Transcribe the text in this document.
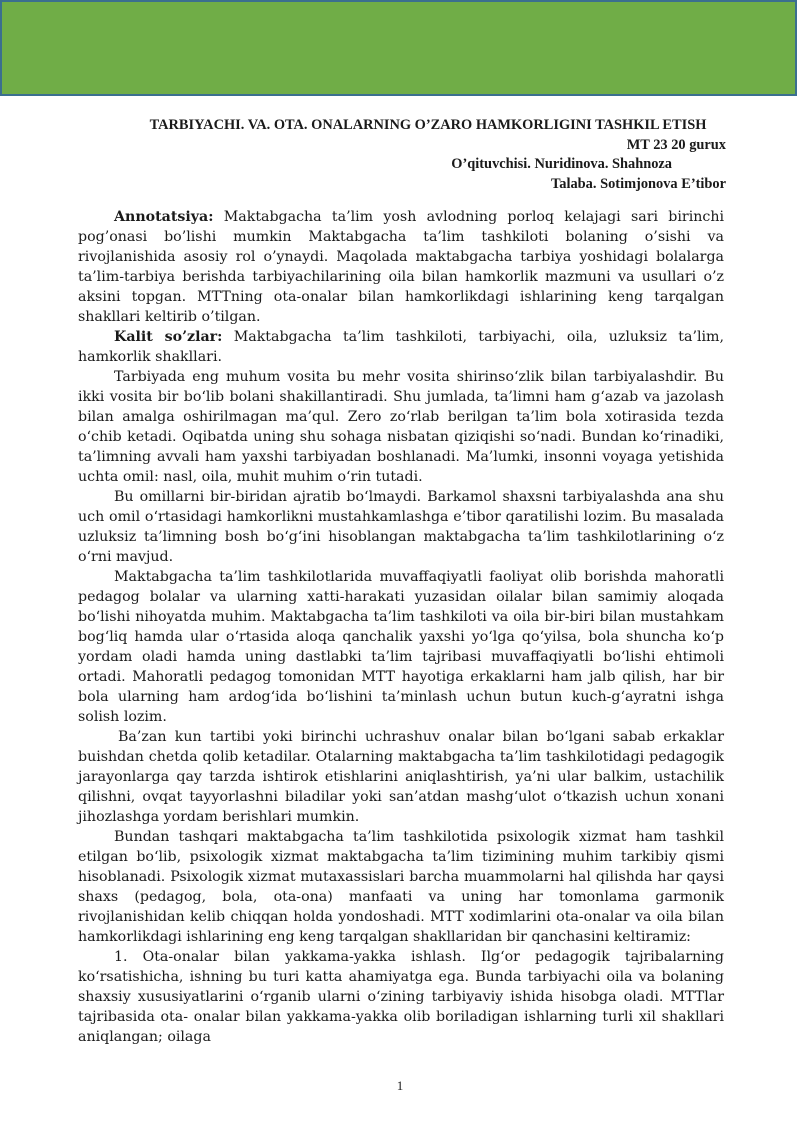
TARBIYACHI. VA. OTA. ONALARNING O’ZARO HAMKORLIGINI TASHKIL ETISH
MT 23 20 gurux
O’qituvchisi. Nuridinova. Shahnoza
Talaba. Sotimjonova E’tibor

Annotatsiya: Maktabgacha ta’lim yosh avlodning porloq kelajagi sari birinchi pog’onasi bo’lishi mumkin Maktabgacha ta’lim tashkiloti bolaning o’sishi va rivojlanishida asosiy rol o’ynaydi. Maqolada maktabgacha tarbiya yoshidagi bolalarga ta’lim-tarbiya berishda tarbiyachilarining oila bilan hamkorlik mazmuni va usullari o’z aksini topgan. MTTning ota-onalar bilan hamkorlikdagi ishlarining keng tarqalgan shakllari keltirib o’tilgan.

Kalit so’zlar: Maktabgacha ta’lim tashkiloti, tarbiyachi, oila, uzluksiz ta’lim, hamkorlik shakllari.

Tarbiyada eng muhum vosita bu mehr vosita shirinso‘zlik bilan tarbiyalashdir. Bu ikki vosita bir bo‘lib bolani shakillantiradi. Shu jumlada, ta’limni ham g‘azab va jazolash bilan amalga oshirilmagan ma’qul. Zero zo‘rlab berilgan ta’lim bola xotirasida tezda o‘chib ketadi. Oqibatda uning shu sohaga nisbatan qiziqishi so‘nadi. Bundan ko‘rinadiki, ta’limning avvali ham yaxshi tarbiyadan boshlanadi. Ma’lumki, insonni voyaga yetishida uchta omil: nasl, oila, muhit muhim o‘rin tutadi.

Bu omillarni bir-biridan ajratib bo‘lmaydi. Barkamol shaxsni tarbiyalashda ana shu uch omil o‘rtasidagi hamkorlikni mustahkamlashga e’tibor qaratilishi lozim. Bu masalada uzluksiz ta’limning bosh bo‘g‘ini hisoblangan maktabgacha ta’lim tashkilotlarining o‘z o‘rni mavjud.

Maktabgacha ta’lim tashkilotlarida muvaffaqiyatli faoliyat olib borishda mahoratli pedagog bolalar va ularning xatti-harakati yuzasidan oilalar bilan samimiy aloqada bo‘lishi nihoyatda muhim. Maktabgacha ta’lim tashkiloti va oila bir-biri bilan mustahkam bog‘liq hamda ular o‘rtasida aloqa qanchalik yaxshi yo‘lga qo‘yilsa, bola shuncha ko‘p yordam oladi hamda uning dastlabki ta’lim tajribasi muvaffaqiyatli bo‘lishi ehtimoli ortadi. Mahoratli pedagog tomonidan MTT hayotiga erkaklarni ham jalb qilish, har bir bola ularning ham ardog‘ida bo‘lishini ta’minlash uchun butun kuch-g‘ayratni ishga solish lozim.

Ba’zan kun tartibi yoki birinchi uchrashuv onalar bilan bo‘lgani sabab erkaklar buishdan chetda qolib ketadilar. Otalarning maktabgacha ta’lim tashkilotidagi pedagogik jarayonlarga qay tarzda ishtirok etishlarini aniqlashtirish, ya’ni ular balkim, ustachilik qilishni, ovqat tayyorlashni biladilar yoki san’atdan mashg‘ulot o‘tkazish uchun xonani jihozlashga yordam berishlari mumkin.

Bundan tashqari maktabgacha ta’lim tashkilotida psixologik xizmat ham tashkil etilgan bo‘lib, psixologik xizmat maktabgacha ta’lim tizimining muhim tarkibiy qismi hisoblanadi. Psixologik xizmat mutaxassislari barcha muammolarni hal qilishda har qaysi shaxs (pedagog, bola, ota-ona) manfaati va uning har tomonlama garmonik rivojlanishidan kelib chiqqan holda yondoshadi. MTT xodimlarini ota-onalar va oila bilan hamkorlikdagi ishlarining eng keng tarqalgan shakllaridan bir qanchasini keltiramiz:

1. Ota-onalar bilan yakkama-yakka ishlash. Ilg‘or pedagogik tajribalarning ko‘rsatishicha, ishning bu turi katta ahamiyatga ega. Bunda tarbiyachi oila va bolaning shaxsiy xususiyatlarini o‘rganib ularni o‘zining tarbiyaviy ishida hisobga oladi. MTTlar tajribasida ota- onalar bilan yakkama-yakka olib boriladigan ishlarning turli xil shakllari aniqlangan; oilaga

1
